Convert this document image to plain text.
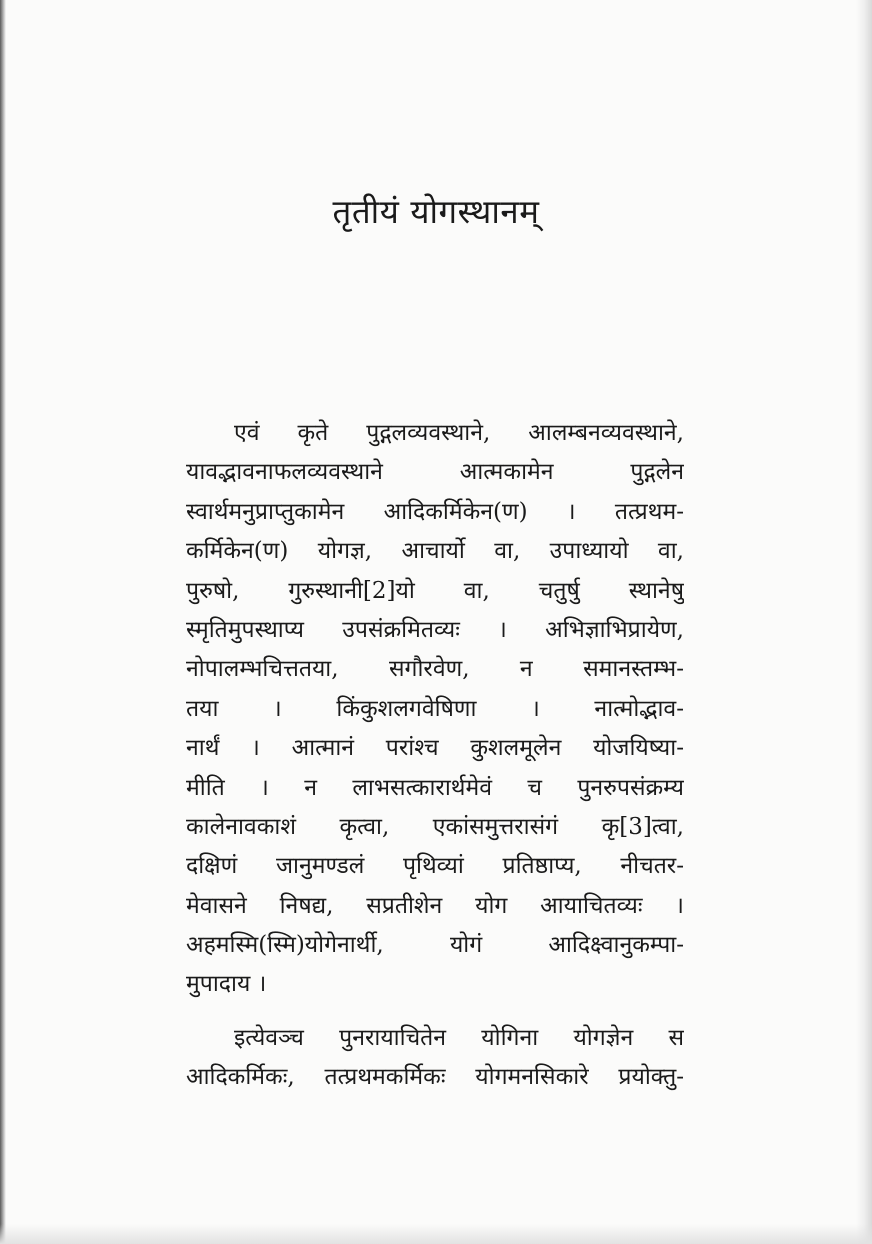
तृतीयं योगस्थानम्
एवं कृते पुद्गलव्यवस्थाने, आलम्बनव्यवस्थाने,
यावद्भावनाफलव्यवस्थाने आत्मकामेन पुद्गलेन
स्वार्थमनुप्राप्तुकामेन आदिकर्मिकेन(ण) । तत्प्रथम-
कर्मिकेन(ण) योगज्ञ, आचार्यो वा, उपाध्यायो वा,
पुरुषो, गुरुस्थानी[2]यो वा, चतुर्षु स्थानेषु
स्मृतिमुपस्थाप्य उपसंक्रमितव्यः । अभिज्ञाभिप्रायेण,
नोपालम्भचित्ततया, सगौरवेण, न समानस्तम्भ-
तया । किंकुशलगवेषिणा । नात्मोद्भाव-
नार्थं । आत्मानं परांश्च कुशलमूलेन योजयिष्या-
मीति । न लाभसत्कारार्थमेवं च पुनरुपसंक्रम्य
कालेनावकाशं कृत्वा, एकांसमुत्तरासंगं कृ[3]त्वा,
दक्षिणं जानुमण्डलं पृथिव्यां प्रतिष्ठाप्य, नीचतर-
मेवासने निषद्य, सप्रतीशेन योग आयाचितव्यः ।
अहमस्मि(स्मि)योगेनार्थी, योगं आदिक्ष्वानुकम्पा-
मुपादाय ।
इत्येवञ्च पुनरायाचितेन योगिना योगज्ञेन स
आदिकर्मिकः, तत्प्रथमकर्मिकः योगमनसिकारे प्रयोक्तु-
